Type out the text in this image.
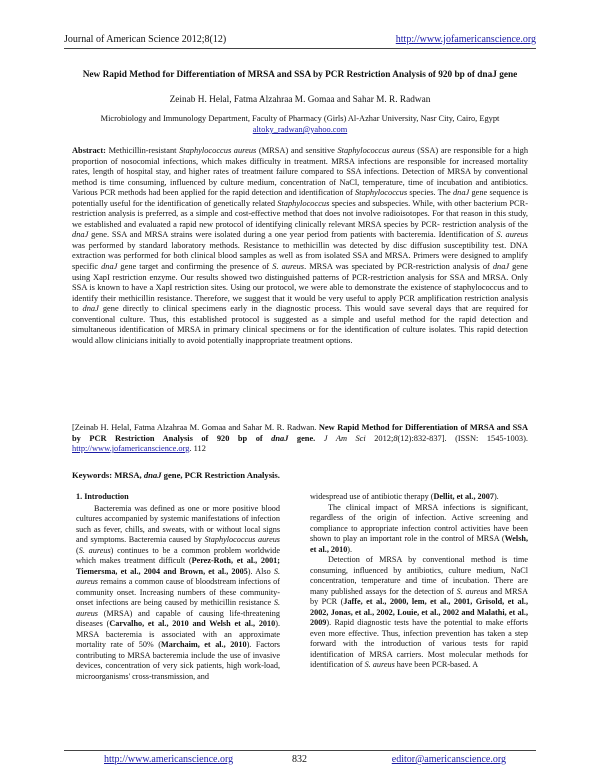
Journal of American Science 2012;8(12)	http://www.jofamericanscience.org
New Rapid Method for Differentiation of MRSA and SSA by PCR Restriction Analysis of 920 bp of dnaJ gene
Zeinab H. Helal, Fatma Alzahraa M. Gomaa and Sahar M. R. Radwan
Microbiology and Immunology Department, Faculty of Pharmacy (Girls) Al-Azhar University, Nasr City, Cairo, Egypt
altoky_radwan@yahoo.com
Abstract: Methicillin-resistant Staphylococcus aureus (MRSA) and sensitive Staphylococcus aureus (SSA) are responsible for a high proportion of nosocomial infections, which makes difficulty in treatment. MRSA infections are responsible for increased mortality rates, length of hospital stay, and higher rates of treatment failure compared to SSA infections. Detection of MRSA by conventional method is time consuming, influenced by culture medium, concentration of NaCl, temperature, time of incubation and antibiotics. Various PCR methods had been applied for the rapid detection and identification of Staphylococcus species. The dnaJ gene sequence is potentially useful for the identification of genetically related Staphylococcus species and subspecies. While, with other bacterium PCR-restriction analysis is preferred, as a simple and cost-effective method that does not involve radioisotopes. For that reason in this study, we established and evaluated a rapid new protocol of identifying clinically relevant MRSA species by PCR- restriction analysis of the dnaJ gene. SSA and MRSA strains were isolated during a one year period from patients with bacteremia. Identification of S. aureus was performed by standard laboratory methods. Resistance to methicillin was detected by disc diffusion susceptibility test. DNA extraction was performed for both clinical blood samples as well as from isolated SSA and MRSA. Primers were designed to amplify specific dnaJ gene target and confirming the presence of S. aureus. MRSA was speciated by PCR-restriction analysis of dnaJ gene using XapI restriction enzyme. Our results showed two distinguished patterns of PCR-restriction analysis for SSA and MRSA. Only SSA is known to have a XapI restriction sites. Using our protocol, we were able to demonstrate the existence of staphylococcus and to identify their methicillin resistance. Therefore, we suggest that it would be very useful to apply PCR amplification restriction analysis to dnaJ gene directly to clinical specimens early in the diagnostic process. This would save several days that are required for conventional culture. Thus, this established protocol is suggested as a simple and useful method for the rapid detection and simultaneous identification of MRSA in primary clinical specimens or for the identification of culture isolates. This rapid detection would allow clinicians initially to avoid potentially inappropriate treatment options.
[Zeinab H. Helal, Fatma Alzahraa M. Gomaa and Sahar M. R. Radwan. New Rapid Method for Differentiation of MRSA and SSA by PCR Restriction Analysis of 920 bp of dnaJ gene. J Am Sci 2012;8(12):832-837]. (ISSN: 1545-1003). http://www.jofamericanscience.org. 112
Keywords: MRSA, dnaJ gene, PCR Restriction Analysis.

1. Introduction

Bacteremia was defined as one or more positive blood cultures accompanied by systemic manifestations of infection such as fever, chills, and sweats, with or without local signs and symptoms. Bacteremia caused by Staphylococcus aureus (S. aureus) continues to be a common problem worldwide which makes treatment difficult (Perez-Roth, et al., 2001; Tiemersma, et al., 2004 and Brown, et al., 2005). Also S. aureus remains a common cause of bloodstream infections of community onset. Increasing numbers of these community-onset infections are being caused by methicillin resistance S. aureus (MRSA) and capable of causing life-threatening diseases (Carvalho, et al., 2010 and Welsh et al., 2010). MRSA bacteremia is associated with an approximate mortality rate of 50% (Marchaim, et al., 2010). Factors contributing to MRSA bacteremia include the use of invasive devices, concentration of very sick patients, high work-load, microorganisms' cross-transmission, and

widespread use of antibiotic therapy (Dellit, et al., 2007).

The clinical impact of MRSA infections is significant, regardless of the origin of infection. Active screening and compliance to appropriate infection control activities have been shown to play an important role in the control of MRSA (Welsh, et al., 2010).

Detection of MRSA by conventional method is time consuming, influenced by antibiotics, culture medium, NaCl concentration, temperature and time of incubation. There are many published assays for the detection of S. aureus and MRSA by PCR (Jaffe, et al., 2000, lem, et al., 2001, Grisold, et al., 2002, Jonas, et al., 2002, Louie, et al., 2002 and Malathi, et al., 2009). Rapid diagnostic tests have the potential to make efforts even more effective. Thus, infection prevention has taken a step forward with the introduction of various tests for rapid identification of MRSA carriers. Most molecular methods for identification of S. aureus have been PCR-based. A

http://www.americanscience.org	832	editor@americanscience.org
